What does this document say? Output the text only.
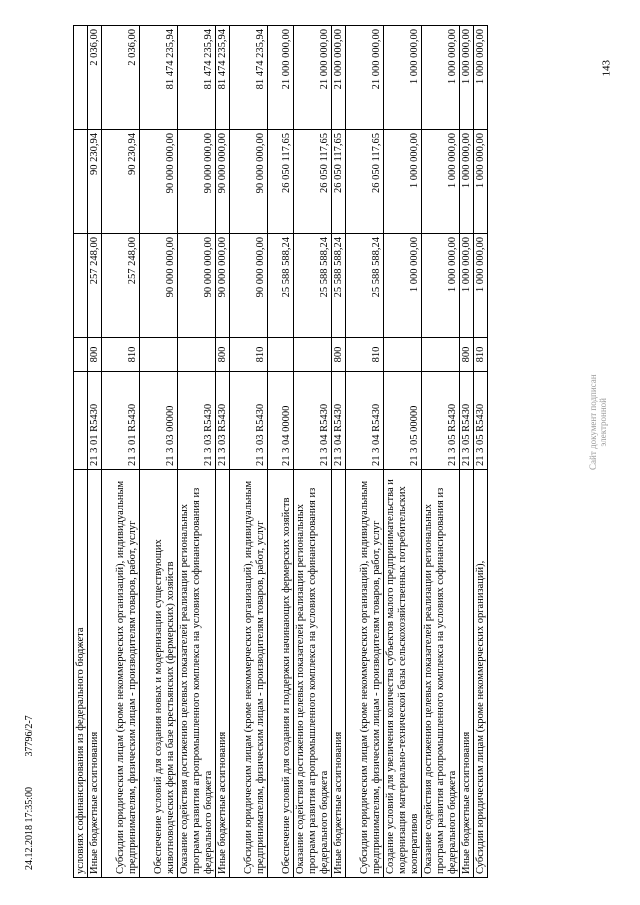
143
условиях софинансирования из федерального бюджета					
Иные бюджетные ассигнования	21 3 01 R5430	800	257 248,00	90 230,94	2 036,00
Субсидии юридическим лицам (кроме некоммерческих организаций), индивидуальным предпринимателям, физическим лицам - производителям товаров, работ, услуг	21 3 01 R5430	810	257 248,00	90 230,94	2 036,00
Обеспечение условий для создания новых и модернизации существующих животноводческих ферм на базе крестьянских (фермерских) хозяйств	21 3 03 00000		90 000 000,00	90 000 000,00	81 474 235,94
Оказание содействия достижению целевых показателей реализации региональных программ развития агропромышленного комплекса на условиях софинансирования из федерального бюджета	21 3 03 R5430		90 000 000,00	90 000 000,00	81 474 235,94
Иные бюджетные ассигнования	21 3 03 R5430	800	90 000 000,00	90 000 000,00	81 474 235,94
Субсидии юридическим лицам (кроме некоммерческих организаций), индивидуальным предпринимателям, физическим лицам - производителям товаров, работ, услуг	21 3 03 R5430	810	90 000 000,00	90 000 000,00	81 474 235,94
Обеспечение условий для создания и поддержки начинающих фермерских хозяйств	21 3 04 00000		25 588 588,24	26 050 117,65	21 000 000,00
Оказание содействия достижению целевых показателей реализации региональных программ развития агропромышленного комплекса на условиях софинансирования из федерального бюджета	21 3 04 R5430		25 588 588,24	26 050 117,65	21 000 000,00
Иные бюджетные ассигнования	21 3 04 R5430	800	25 588 588,24	26 050 117,65	21 000 000,00
Субсидии юридическим лицам (кроме некоммерческих организаций), индивидуальным предпринимателям, физическим лицам - производителям товаров, работ, услуг	21 3 04 R5430	810	25 588 588,24	26 050 117,65	21 000 000,00
Создание условий для увеличения количества субъектов малого предпринимательства и модернизация материально-технической базы сельскохозяйственных потребительских кооперативов	21 3 05 00000		1 000 000,00	1 000 000,00	1 000 000,00
Оказание содействия достижению целевых показателей реализации региональных программ развития агропромышленного комплекса на условиях софинансирования из федерального бюджета	21 3 05 R5430		1 000 000,00	1 000 000,00	1 000 000,00
Иные бюджетные ассигнования	21 3 05 R5430	800	1 000 000,00	1 000 000,00	1 000 000,00
Субсидии юридическим лицам (кроме некоммерческих организаций),	21 3 05 R5430	810	1 000 000,00	1 000 000,00	1 000 000,00
Сайт документ подписан электронной
24.12.2018 17:35:00 37796/2-7
